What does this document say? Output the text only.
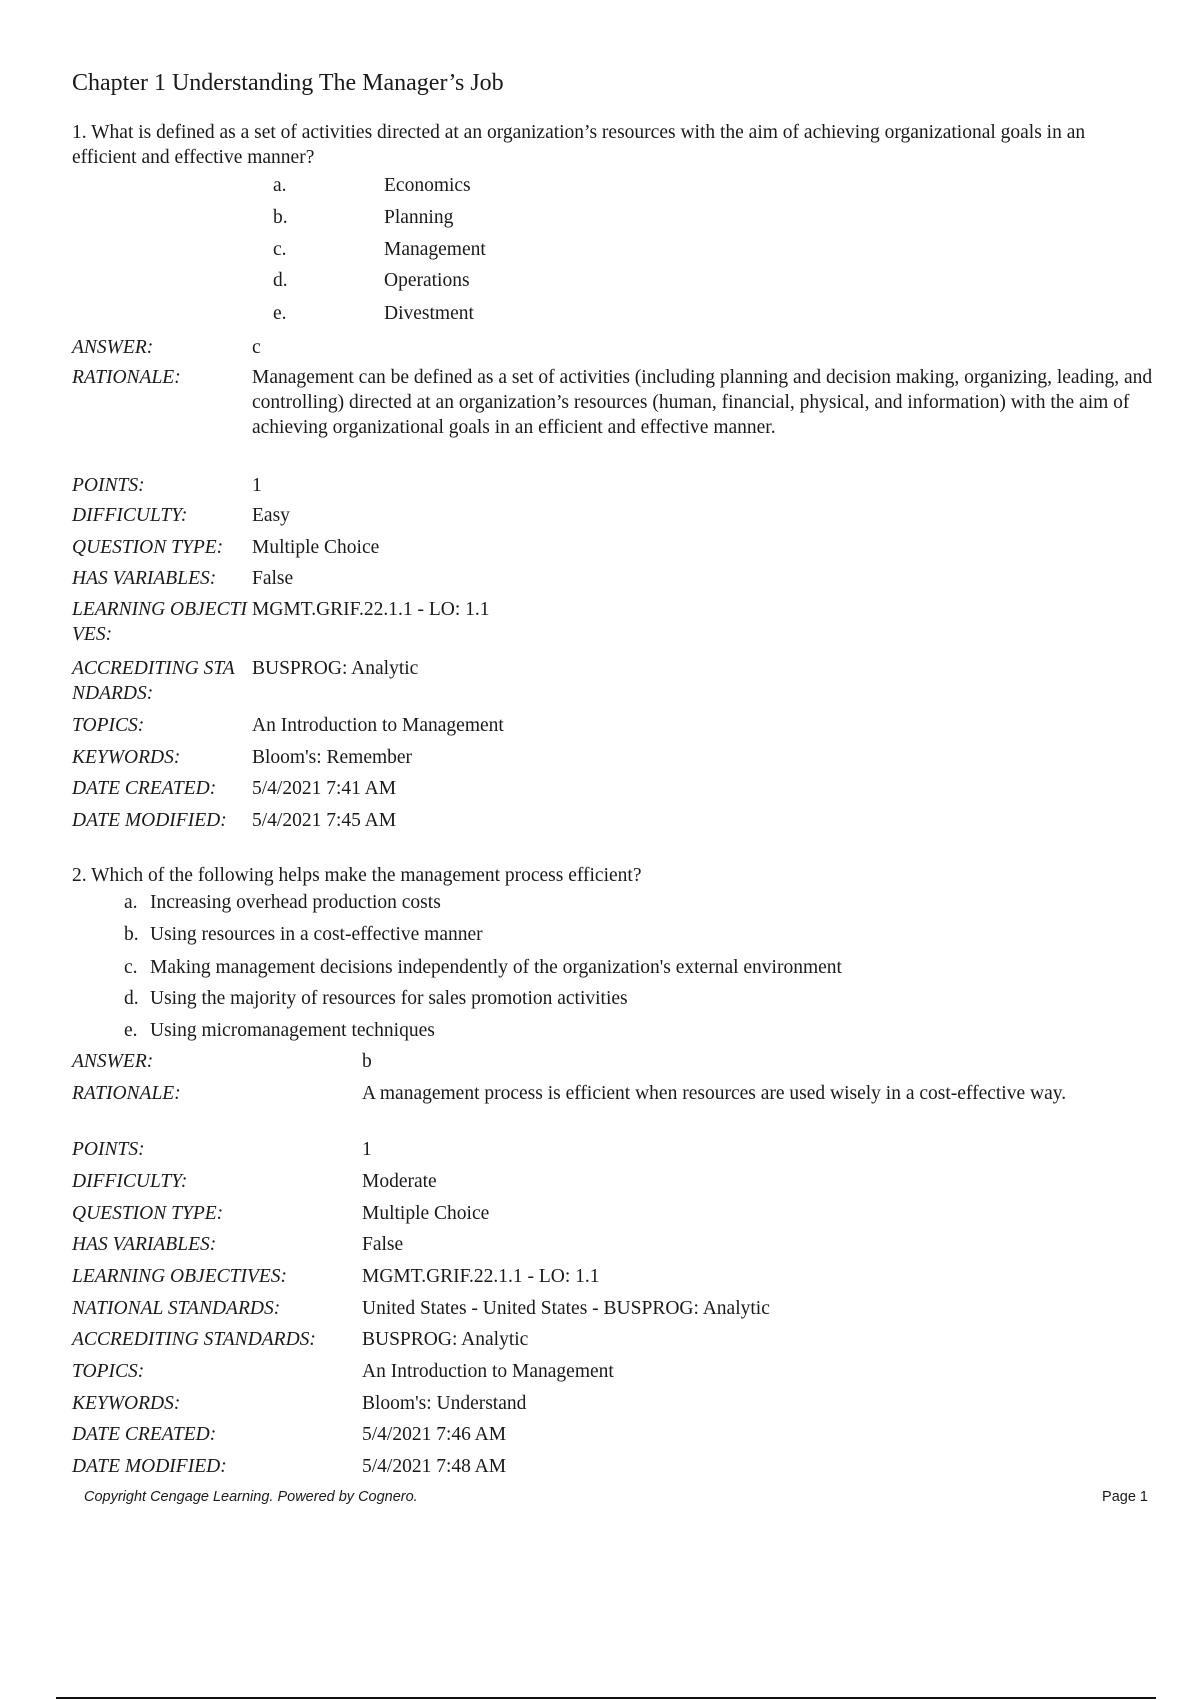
Chapter 1 Understanding The Manager’s Job
1. What is defined as a set of activities directed at an organization’s resources with the aim of achieving organizational goals in an efficient and effective manner?
a.	Economics
b.	Planning
c.	Management
d.	Operations
e.	Divestment
ANSWER:	c
RATIONALE:	Management can be defined as a set of activities (including planning and decision making, organizing, leading, and controlling) directed at an organization’s resources (human, financial, physical, and information) with the aim of achieving organizational goals in an efficient and effective manner.
POINTS:	1
DIFFICULTY:	Easy
QUESTION TYPE: Multiple Choice
HAS VARIABLES: False
LEARNING OBJECTIVES:
MGMT.GRIF.22.1.1 - LO: 1.1
ACCREDITING STANDARDS:
BUSPROG: Analytic
TOPICS:	An Introduction to Management
KEYWORDS:	Bloom's: Remember
DATE CREATED: 5/4/2021 7:41 AM
DATE MODIFIED: 5/4/2021 7:45 AM
2. Which of the following helps make the management process efficient?
a. Increasing overhead production costs
b. Using resources in a cost-effective manner
c. Making management decisions independently of the organization's external environment
d. Using the majority of resources for sales promotion activities
e. Using micromanagement techniques
ANSWER:	b
RATIONALE:	A management process is efficient when resources are used wisely in a cost-effective way.
POINTS:	1
DIFFICULTY:	Moderate
QUESTION TYPE:	Multiple Choice
HAS VARIABLES:	False
LEARNING OBJECTIVES:	MGMT.GRIF.22.1.1 - LO: 1.1
NATIONAL STANDARDS:	United States - United States - BUSPROG: Analytic
ACCREDITING STANDARDS: BUSPROG: Analytic
TOPICS:	An Introduction to Management
KEYWORDS:	Bloom's: Understand
DATE CREATED:	5/4/2021 7:46 AM
DATE MODIFIED:	5/4/2021 7:48 AM
Copyright Cengage Learning. Powered by Cognero.	Page 1
